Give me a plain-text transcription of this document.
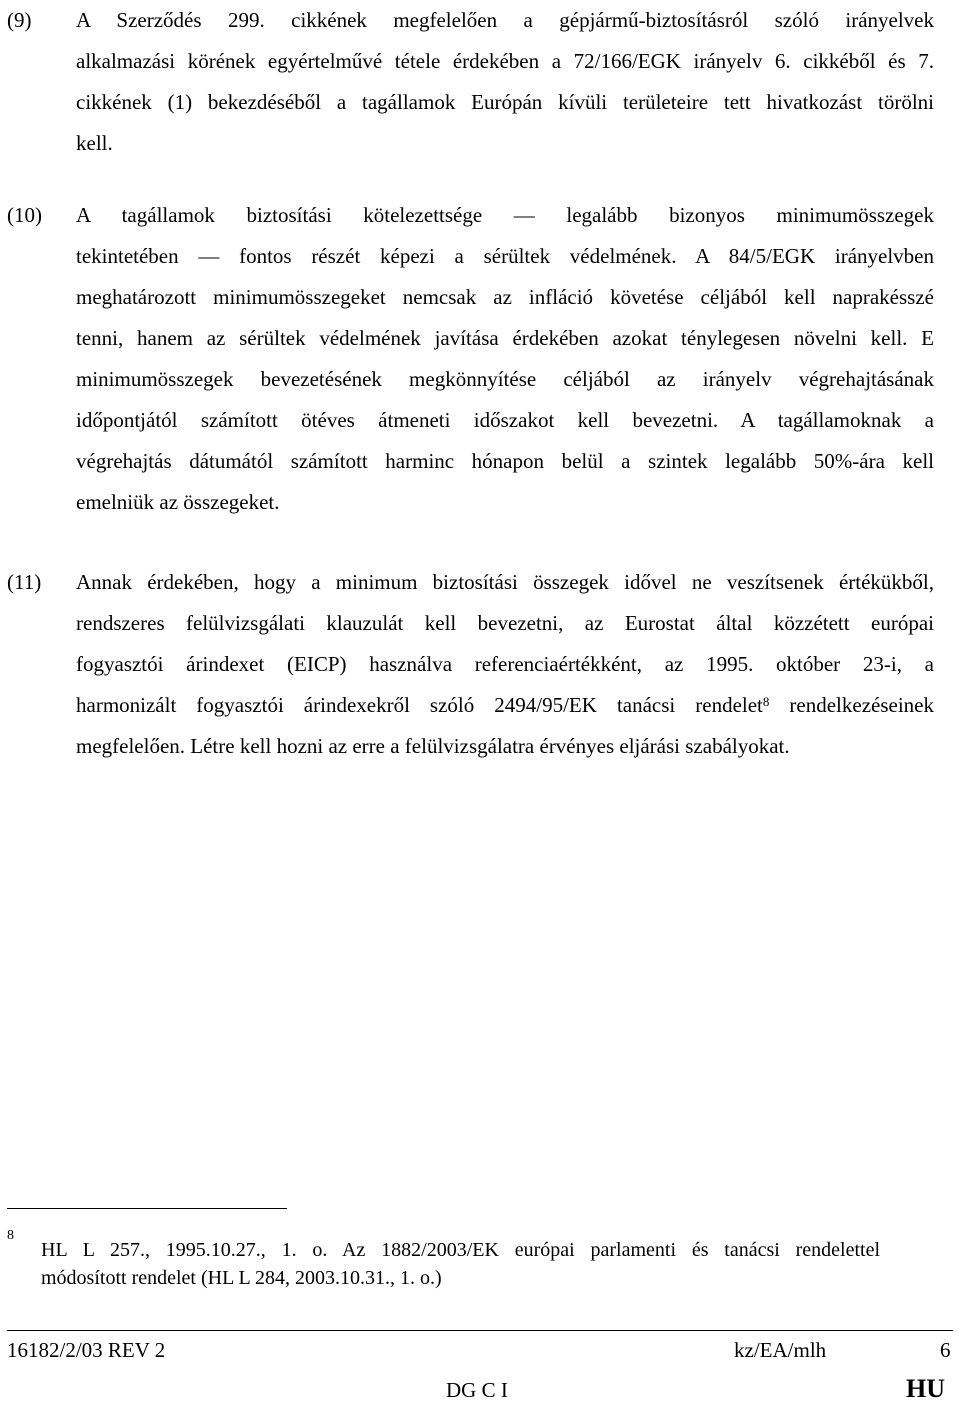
(9) A Szerződés 299. cikkének megfelelően a gépjármű-biztosításról szóló irányelvek
alkalmazási körének egyértelművé tétele érdekében a 72/166/EGK irányelv 6. cikkéből és 7.
cikkének (1) bekezdéséből a tagállamok Európán kívüli területeire tett hivatkozást törölni
kell.
(10) A tagállamok biztosítási kötelezettsége — legalább bizonyos minimumösszegek
tekintetében — fontos részét képezi a sérültek védelmének. A 84/5/EGK irányelvben
meghatározott minimumösszegeket nemcsak az infláció követése céljából kell naprakésszé
tenni, hanem az sérültek védelmének javítása érdekében azokat ténylegesen növelni kell. E
minimumösszegek bevezetésének megkönnyítése céljából az irányelv végrehajtásának
időpontjától számított ötéves átmeneti időszakot kell bevezetni. A tagállamoknak a
végrehajtás dátumától számított harminc hónapon belül a szintek legalább 50%-ára kell
emelniük az összegeket.
(11) Annak érdekében, hogy a minimum biztosítási összegek idővel ne veszítsenek értékükből,
rendszeres felülvizsgálati klauzulát kell bevezetni, az Eurostat által közzétett európai
fogyasztói árindexet (EICP) használva referenciaértékként, az 1995. október 23-i, a
harmonizált fogyasztói árindexekről szóló 2494/95/EK tanácsi rendelet$^8$ rendelkezéseinek
megfelelően. Létre kell hozni az erre a felülvizsgálatra érvényes eljárási szabályokat.
8
HL L 257., 1995.10.27., 1. o. Az 1882/2003/EK európai parlamenti és tanácsi rendelettel
módosított rendelet (HL L 284, 2003.10.31., 1. o.)
16182/2/03 REV 2	kz/EA/mlh	6
DG C I	HU
